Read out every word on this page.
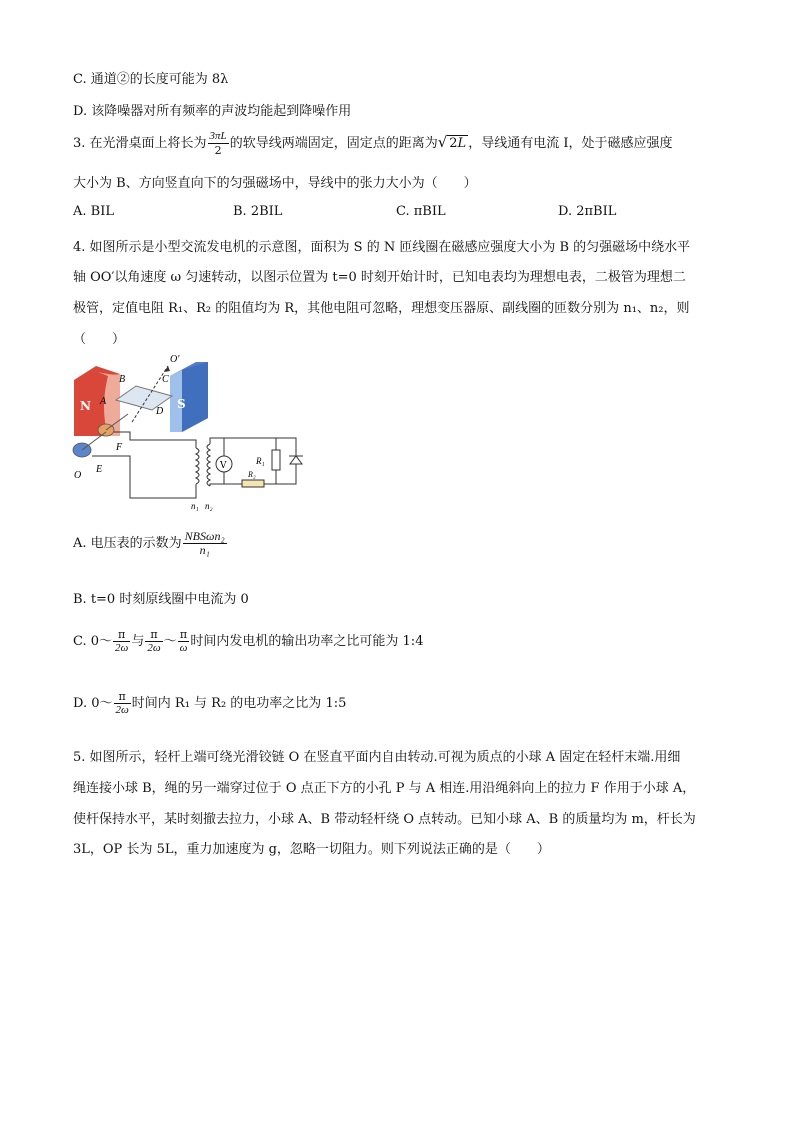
C. 通道②的长度可能为 8λ
D. 该降噪器对所有频率的声波均能起到降噪作用
3. 在光滑桌面上将长为 $\frac{3\pi L}{2}$ 的软导线两端固定，固定点的距离为√ 2L ，导线通有电流 I，处于磁感应强度
大小为 B、方向竖直向下的匀强磁场中，导线中的张力大小为（　　）
A. BIL	B. 2BIL	C. πBIL	D. 2πBIL
4. 如图所示是小型交流发电机的示意图，面积为 S 的 N 匝线圈在磁感应强度大小为 B 的匀强磁场中绕水平
轴 OO′以角速度 ω 匀速转动，以图示位置为 t=0 时刻开始计时，已知电表均为理想电表，二极管为理想二
极管，定值电阻 R₁、R₂ 的阻值均为 R，其他电阻可忽略，理想变压器原、副线圈的匝数分别为 n₁、n₂，则
（　　）
N	S
O′
B
A
C
D
F
E
O
n₁ n₂
V	R₁
R₂
A. 电压表的示数为 $\frac{\text{NBSωn₂}}{\text{n₁}}$
B. t=0 时刻原线圈中电流为 0
C. 0～ $\frac{\pi}{2\omega}$ 与 $\frac{\pi}{2\omega}$ ～ $\frac{\pi}{\omega}$ 时间内发电机的输出功率之比可能为 1:4
D. 0～ $\frac{\pi}{2\omega}$ 时间内 R₁ 与 R₂ 的电功率之比为 1:5
5. 如图所示，轻杆上端可绕光滑铰链 O 在竖直平面内自由转动.可视为质点的小球 A 固定在轻杆末端.用细
绳连接小球 B，绳的另一端穿过位于 O 点正下方的小孔 P 与 A 相连.用沿绳斜向上的拉力 F 作用于小球 A，
使杆保持水平，某时刻撤去拉力，小球 A、B 带动轻杆绕 O 点转动。已知小球 A、B 的质量均为 m，杆长为
3L，OP 长为 5L，重力加速度为 g，忽略一切阻力。则下列说法正确的是（　　）
